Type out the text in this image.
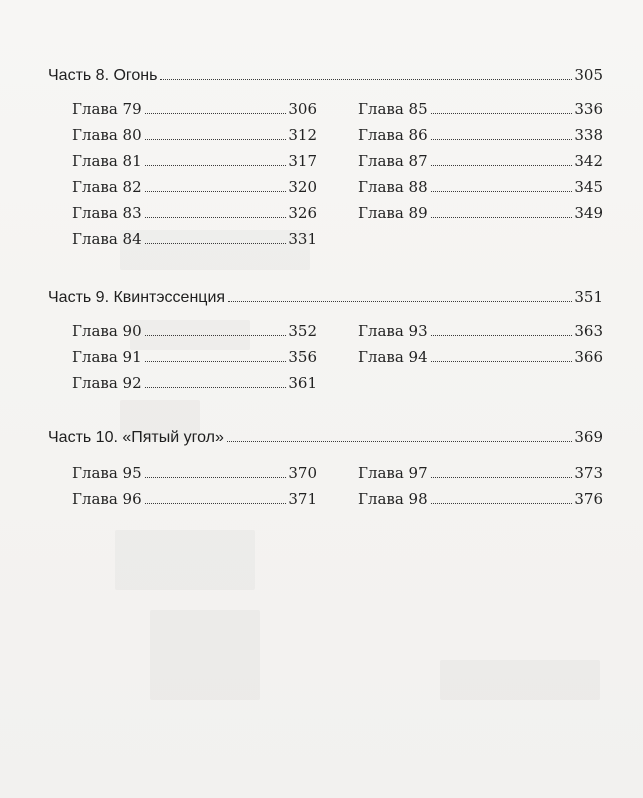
Часть 8. Огонь	305
Глава 79	306
Глава 80	312
Глава 81	317
Глава 82	320
Глава 83	326
Глава 84	331
Глава 85	336
Глава 86	338
Глава 87	342
Глава 88	345
Глава 89	349
Часть 9. Квинтэссенция	351
Глава 90	352
Глава 91	356
Глава 92	361
Глава 93	363
Глава 94	366
Часть 10. «Пятый угол»	369
Глава 95	370
Глава 96	371
Глава 97	373
Глава 98	376
